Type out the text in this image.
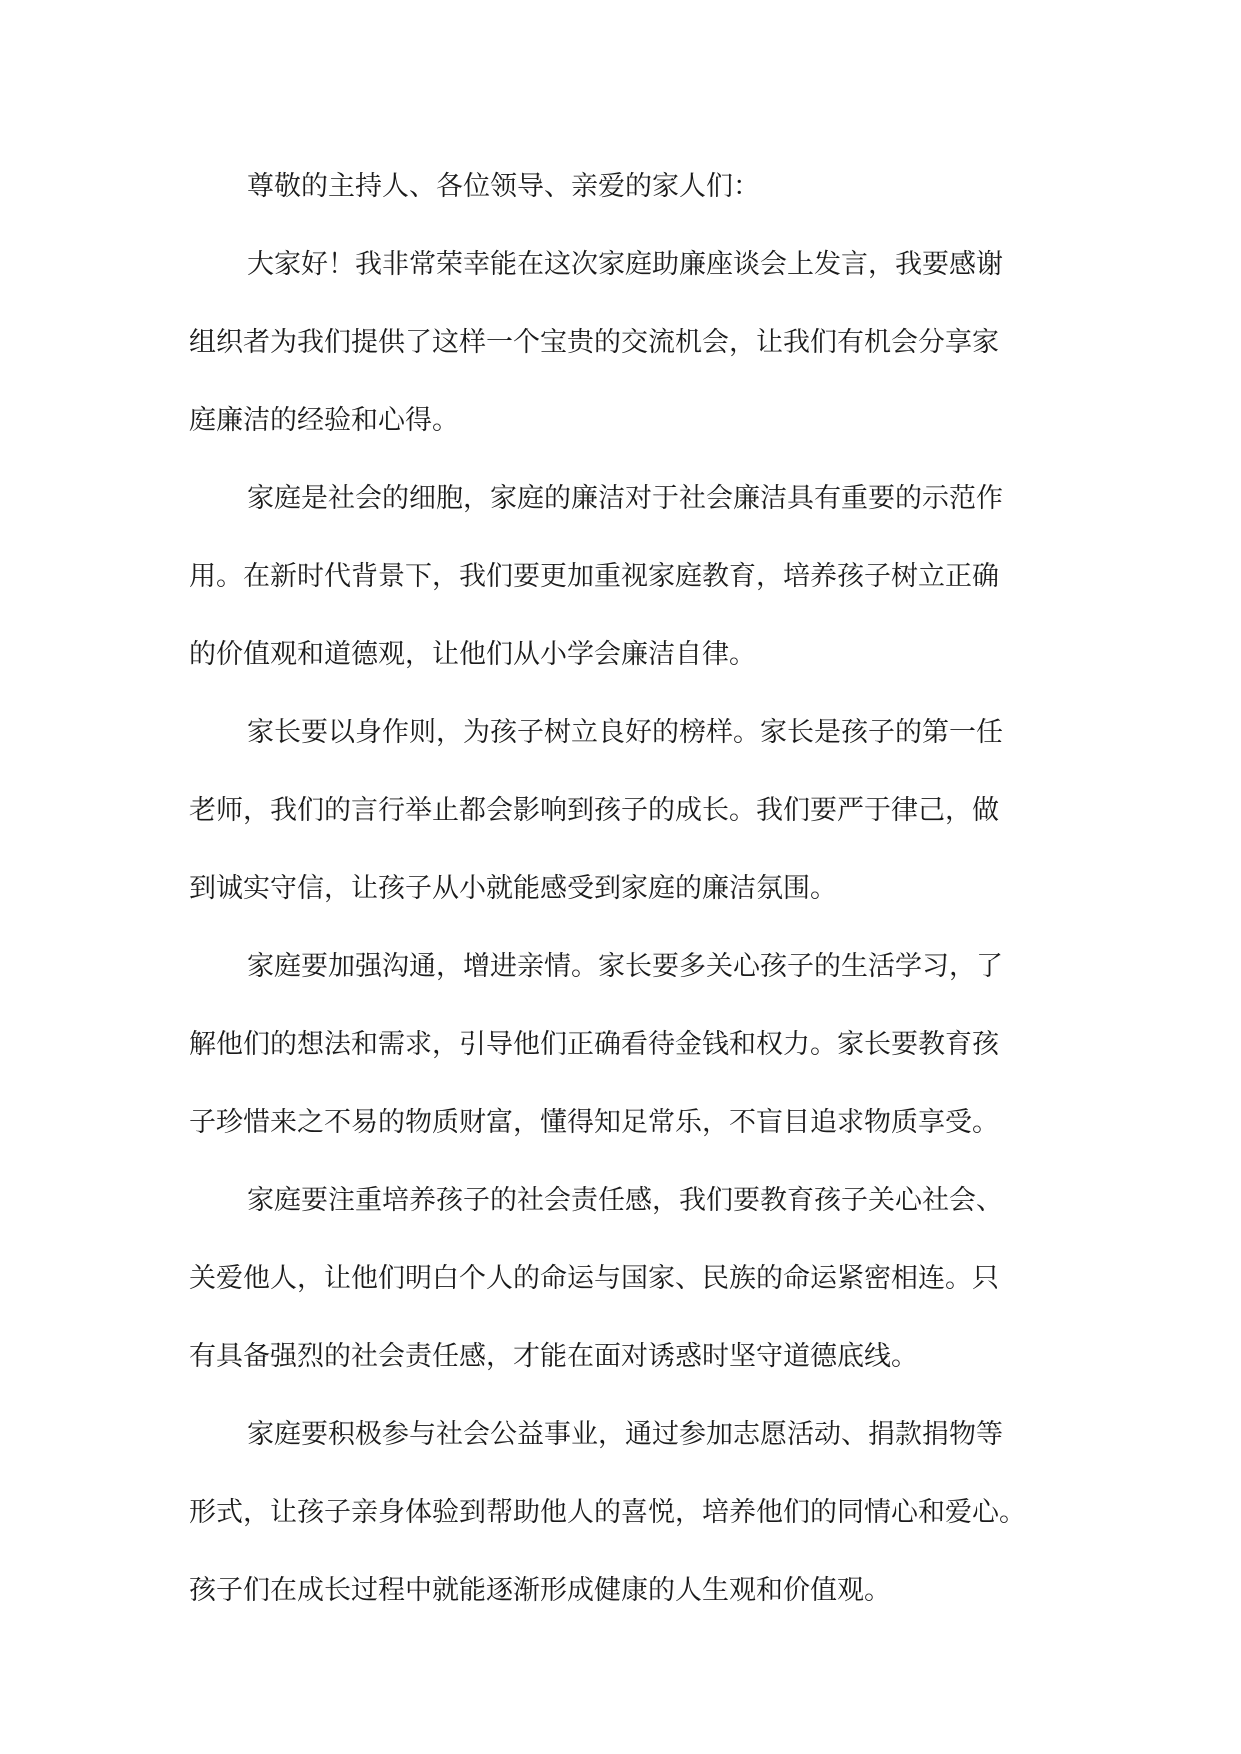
尊敬的主持人、各位领导、亲爱的家人们：

大家好！我非常荣幸能在这次家庭助廉座谈会上发言，我要感谢
组织者为我们提供了这样一个宝贵的交流机会，让我们有机会分享家
庭廉洁的经验和心得。

家庭是社会的细胞，家庭的廉洁对于社会廉洁具有重要的示范作
用。在新时代背景下，我们要更加重视家庭教育，培养孩子树立正确
的价值观和道德观，让他们从小学会廉洁自律。

家长要以身作则，为孩子树立良好的榜样。家长是孩子的第一任
老师，我们的言行举止都会影响到孩子的成长。我们要严于律己，做
到诚实守信，让孩子从小就能感受到家庭的廉洁氛围。

家庭要加强沟通，增进亲情。家长要多关心孩子的生活学习，了
解他们的想法和需求，引导他们正确看待金钱和权力。家长要教育孩
子珍惜来之不易的物质财富，懂得知足常乐，不盲目追求物质享受。

家庭要注重培养孩子的社会责任感，我们要教育孩子关心社会、
关爱他人，让他们明白个人的命运与国家、民族的命运紧密相连。只
有具备强烈的社会责任感，才能在面对诱惑时坚守道德底线。

家庭要积极参与社会公益事业，通过参加志愿活动、捐款捐物等
形式，让孩子亲身体验到帮助他人的喜悦，培养他们的同情心和爱心。
孩子们在成长过程中就能逐渐形成健康的人生观和价值观。
